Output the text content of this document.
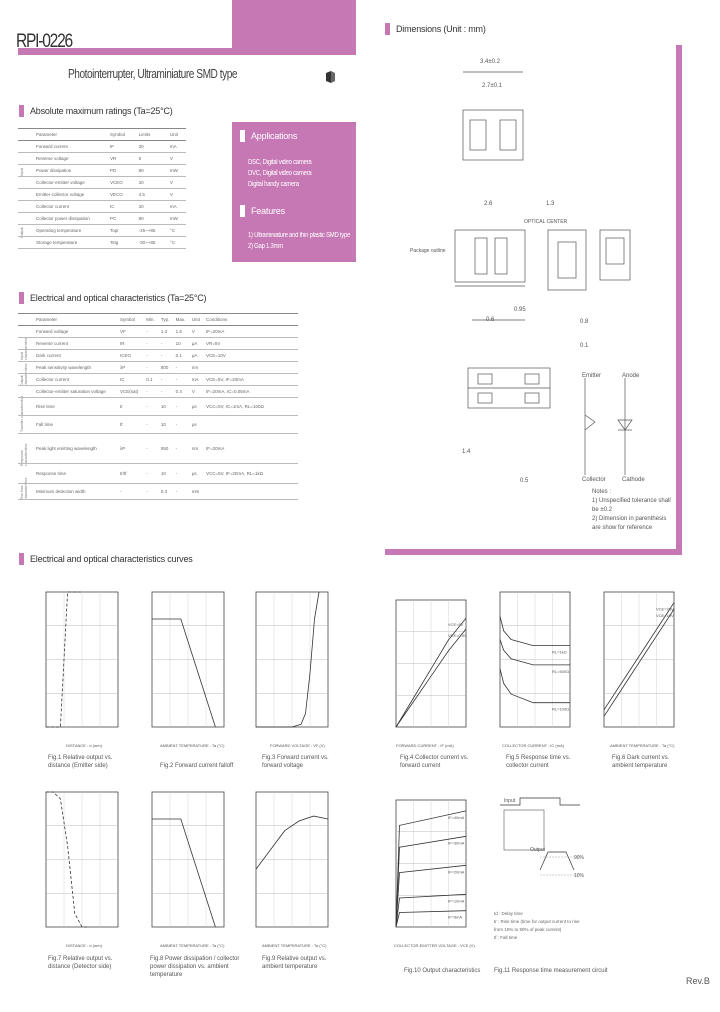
RPI-0226
Photointerrupter, Ultraminiature SMD type
Absolute maximum ratings (Ta=25°C)
Input
Output
Parameter	Symbol	Limits	Unit
Forward current	IF	30	mA
Reverse voltage	VR	5	V
Power dissipation	PD	80	mW
Collector-emitter voltage	VCEO	30	V
Emitter-collector voltage	VECO	4.5	V
Collector current	IC	30	mA
Collector power dissipation	PC	80	mW
Operating temperature	Topr	-25~+85	°C
Storage temperature	Tstg	-30~+85	°C
Applications
DSC, Digital video camera
DVC, Digital video camera
Digital handy camera
Features
1) Ultraminiature and thin plastic SMD type
2) Gap 1.3mm
Dimensions (Unit : mm)
3.4±0.2
2.7±0.1
2.6	1.3
OPTICAL CENTER
Package outline
0.6
0.95
0.8
0.1
1.4
0.5
Emitter
Collector
Anode
Cathode
Notes :
1) Unspecified tolerance shall be ±0.2
2) Dimension in parenthesis are show for reference
Electrical and optical characteristics (Ta=25°C)
Input characteristics
Output characteristics
Transfer characteristics
Response characteristics
Rise time characteristics
Parameter	Symbol	Min.	Typ.	Max.	Unit	Conditions
Forward voltage	VF	-	1.3	1.6	V	IF=20mA
Reverse current	IR	-	-	10	μA	VR=5V
Dark current	ICEO	-	-	0.1	μA	VCE=10V
Peak sensitivity wavelength	λP	-	800	-	nm	
Collector current	IC	0.1	-	-	mA	VCE=5V, IF=20mA
Collector-emitter saturation voltage	VCE(sat)	-	-	0.4	V	IF=20mA, IC=0.05mA
Rise time	tr	-	10	-	μs	VCC=5V, IC=1mA, RL=100Ω
Fall time	tf	-	10	-	μs	
Peak light emitting wavelength	λP	-	950	-	nm	IF=20mA
Response time	tr/tf	-	10	-	μs	VCC=5V, IF=20mA, RL=1kΩ
Minimum detection width	-	-	0.3	-	mm	
Electrical and optical characteristics curves
VCE=5V
VCE=0.5V
RL=1kΩ
RL=500Ω
RL=100Ω
VCE=20V
VCE=10V
IF=40mA
IF=30mA
IF=20mA
IF=10mA
IF=5mA
Fig.1 Relative output vs. distance (Emitter side)	Fig.2 Forward current falloff
Fig.3 Forward current vs. forward voltage
Fig.4 Collector current vs. forward current
Fig.5 Response time vs. collector current
Fig.6 Dark current vs. ambient temperature
Fig.7 Relative output vs. distance (Detector side)
Fig.8 Power dissipation / collector power dissipation vs. ambient temperature
Fig.9 Relative output vs. ambient temperature
Fig.10 Output characteristics Fig.11 Response time measurement circuit
Input
Output
90%
10%
td : Delay time
tr : Rise time (time for output current to rise from 10% to 90% of peak current)
tf : Fall time
DISTANCE : d (mm)	AMBIENT TEMPERATURE : Ta (°C)	FORWARD VOLTAGE : VF (V)	FORWARD CURRENT : IF (mA)	COLLECTOR CURRENT : IC (mA)	AMBIENT TEMPERATURE : Ta (°C)
DISTANCE : d (mm)	AMBIENT TEMPERATURE : Ta (°C)	AMBIENT TEMPERATURE : Ta (°C)	COLLECTOR-EMITTER VOLTAGE : VCE (V)
Rev.B
